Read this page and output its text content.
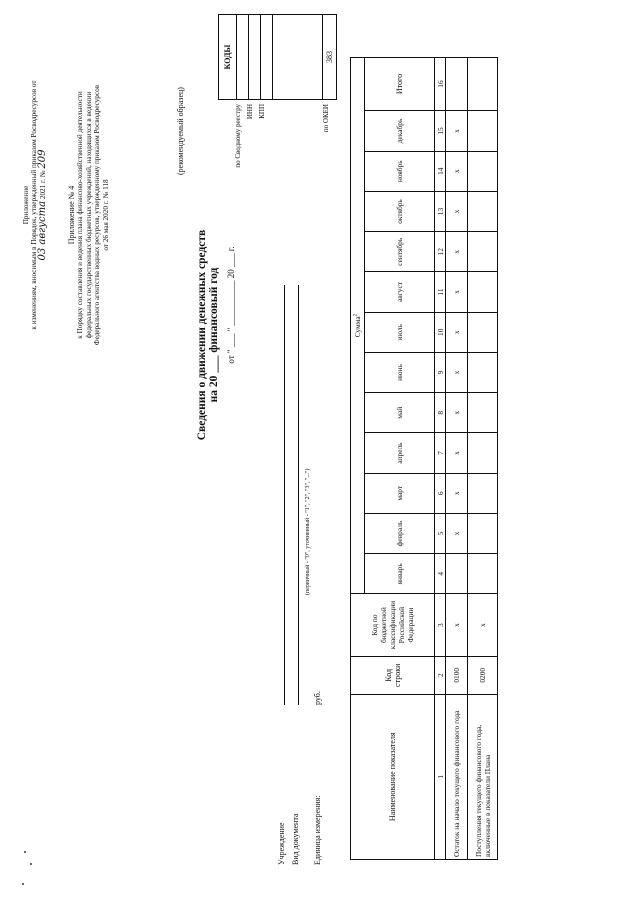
Приложение к изменениям, вносимым в Порядок, утвержденный приказом Росводресурсов от
03 августа 2021 г. № 209
Приложение № 4 к Порядку составления и ведения плана финансово-хозяйственной деятельности федеральных государственных бюджетных учреждений, находящихся в ведении Федерального агентства водных ресурсов, утвержденному приказом Росводресурсов от 26 мая 2020 г. № 118
(рекомендуемый образец)
КОДЫ

383
по Сводному реестру ИНН КПП	по ОКЕИ
Сведения о движении денежных средств на 20 ___ финансовый год от " ___ " __________ 20 ___ г.
Учреждение Вид документа
(первичный - "0", уточненный - "1", "2", "3", "...")
Единица измерения:
руб.
Наименование показателя	Код строки	Код по бюджетной классификации Российской Федерации	Сумма$^2$
			январь	февраль	март	апрель	май	июнь	июль	август	сентябрь	октябрь	ноябрь	декабрь	Итого
1	2	3	4	5	6	7	8	9	10	11	12	13	14	15	16
Остаток на начало текущего финансового года	0100	x		x	x	x	x	x	x	x	x	x	x	x	
Поступления текущего финансового года, включенные в показатели Плана	0200	x													
